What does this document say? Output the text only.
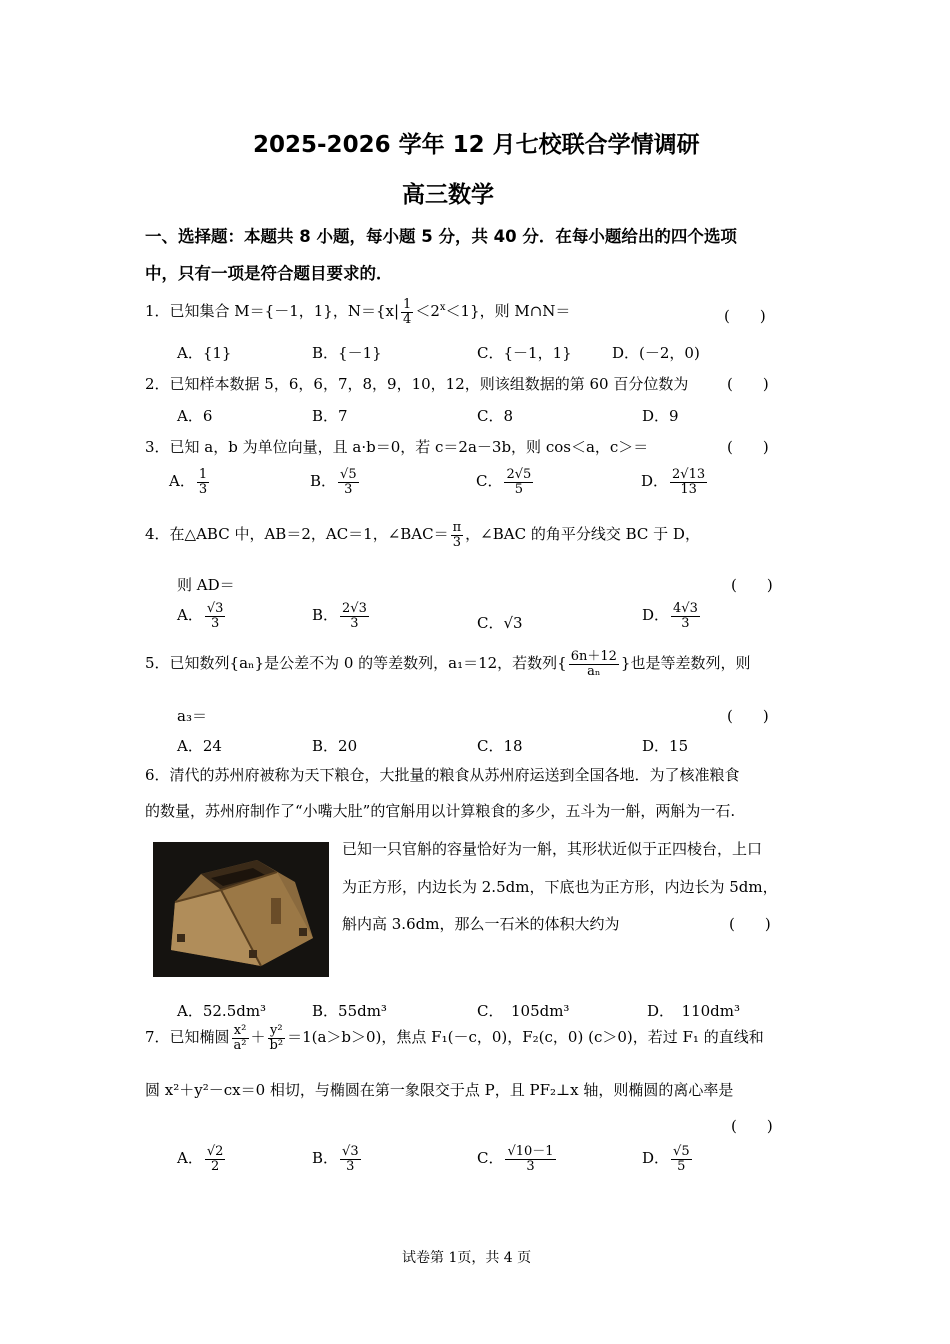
2025-2026 学年 12 月七校联合学情调研
高三数学
一、选择题：本题共 8 小题，每小题 5 分，共 40 分．在每小题给出的四个选项
中，只有一项是符合题目要求的．
1．已知集合 M＝{－1，1}，$N=\{x| \frac{1}{4} <2^x<1\}$，则 M∩N＝	(　　)
A．{1}	B．{－1}	C．{－1，1}	D．(－2，0)
2．已知样本数据 5，6，6，7，8，9，10，12，则该组数据的第 60 百分位数为	(　　)
A．6	B．7	C．8	D．9
3．已知 a，b 为单位向量，且 a·b＝0，若 c＝2a－3b，则 cos＜a，c＞＝	(　　)
A． $\frac{1}{3}$	B． $\frac{√5}{3}$	C． $\frac{2√5}{5}$	D． $\frac{2√13}{13}$
4．在△ABC 中，AB＝2，AC＝1，∠BAC＝ $\frac{\pi}{3}$ ，∠BAC 的角平分线交 BC 于 D，
则 AD＝	(　　)
A． $\frac{√3}{3}$	B． $\frac{2√3}{3}$	C．√3	D． $\frac{4√3}{3}$
5．已知数列{aₙ}是公差不为 0 的等差数列，a₁＝12，若数列{ $\frac{6n+12}{\text{aₙ}}$ }也是等差数列，则
a₃＝	(　　)
A．24	B．20	C．18	D．15
6．清代的苏州府被称为天下粮仓，大批量的粮食从苏州府运送到全国各地．为了核准粮食
的数量，苏州府制作了“小嘴大肚”的官斛用以计算粮食的多少，五斗为一斛，两斛为一石.
已知一只官斛的容量恰好为一斛，其形状近似于正四棱台，上口
为正方形，内边长为 2.5dm，下底也为正方形，内边长为 5dm，
斛内高 3.6dm，那么一石米的体积大约为	(　　)
A．52.5dm³	B．55dm³	C．　105dm³	D．　110dm³
7．已知椭圆 $\frac{\text{x²}}{\text{a²}} + \frac{\text{y²}}{\text{b²}} =1(a>b>0)$，焦点 F₁(－c，0)，F₂(c，0) (c＞0)，若过 F₁ 的直线和
圆 x²＋y²－cx＝0 相切，与椭圆在第一象限交于点 P，且 PF₂⊥x 轴，则椭圆的离心率是
(　　)
A． $\frac{√2}{2}$	B． $\frac{√3}{3}$	C． $\frac{√10-1}{3}$	D． $\frac{√5}{5}$
试卷第 1页，共 4 页
